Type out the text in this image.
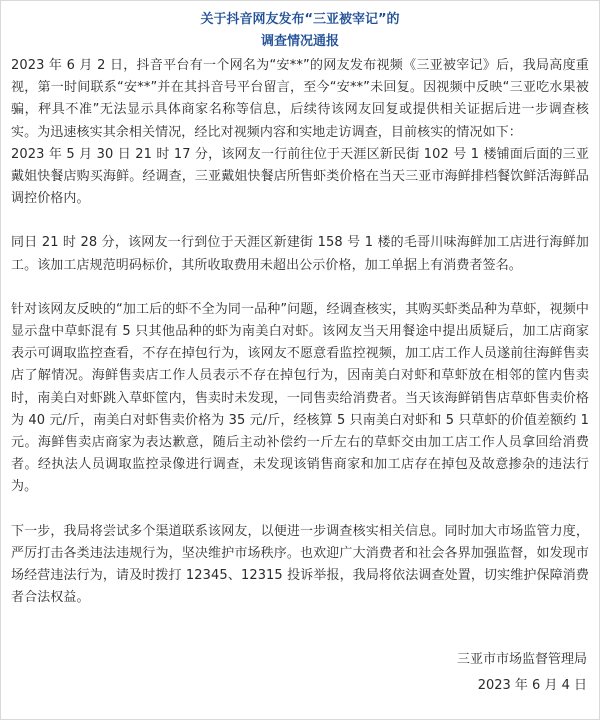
关于抖音网友发布“三亚被宰记”的
调查情况通报

2023 年 6 月 2 日，抖音平台有一个网名为“安**”的网友发布视频《三亚被宰记》后，我局高度重视，第一时间联系“安**”并在其抖音号平台留言，至今“安**”未回复。因视频中反映“三亚吃水果被骗，秤具不准”无法显示具体商家名称等信息，后续待该网友回复或提供相关证据后进一步调查核实。为迅速核实其余相关情况，经比对视频内容和实地走访调查，目前核实的情况如下：

2023 年 5 月 30 日 21 时 17 分，该网友一行前往位于天涯区新民街 102 号 1 楼铺面后面的三亚戴姐快餐店购买海鲜。经调查，三亚戴姐快餐店所售虾类价格在当天三亚市海鲜排档餐饮鲜活海鲜品调控价格内。

同日 21 时 28 分，该网友一行到位于天涯区新建街 158 号 1 楼的毛哥川味海鲜加工店进行海鲜加工。该加工店规范明码标价，其所收取费用未超出公示价格，加工单据上有消费者签名。

针对该网友反映的“加工后的虾不全为同一品种”问题，经调查核实，其购买虾类品种为草虾，视频中显示盘中草虾混有 5 只其他品种的虾为南美白对虾。该网友当天用餐途中提出质疑后，加工店商家表示可调取监控查看，不存在掉包行为，该网友不愿意看监控视频，加工店工作人员遂前往海鲜售卖店了解情况。海鲜售卖店工作人员表示不存在掉包行为，因南美白对虾和草虾放在相邻的筐内售卖时，南美白对虾跳入草虾筐内，售卖时未发现，一同售卖给消费者。当天该海鲜销售店草虾售卖价格为 40 元/斤，南美白对虾售卖价格为 35 元/斤，经核算 5 只南美白对虾和 5 只草虾的价值差额约 1 元。海鲜售卖店商家为表达歉意，随后主动补偿约一斤左右的草虾交由加工店工作人员拿回给消费者。经执法人员调取监控录像进行调查，未发现该销售商家和加工店存在掉包及故意掺杂的违法行为。

下一步，我局将尝试多个渠道联系该网友，以便进一步调查核实相关信息。同时加大市场监管力度，严厉打击各类违法违规行为，坚决维护市场秩序。也欢迎广大消费者和社会各界加强监督，如发现市场经营违法行为，请及时拨打 12345、12315 投诉举报，我局将依法调查处置，切实维护保障消费者合法权益。

三亚市市场监督管理局
2023 年 6 月 4 日
